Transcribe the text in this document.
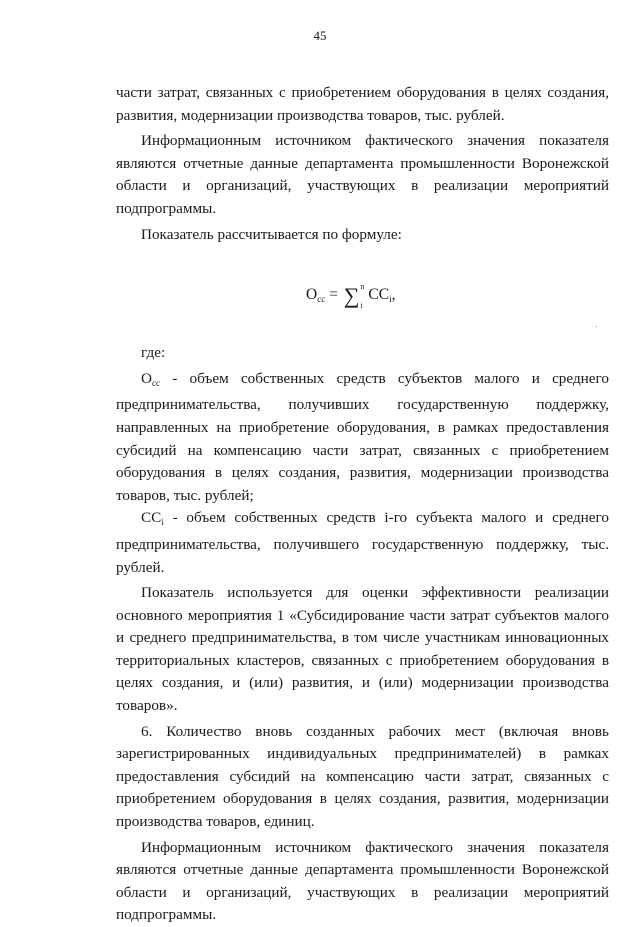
45

части затрат, связанных с приобретением оборудования в целях создания, развития, модернизации производства товаров, тыс. рублей.

Информационным источником фактического значения показателя являются отчетные данные департамента промышленности Воронежской области и организаций, участвующих в реализации мероприятий подпрограммы.

Показатель рассчитывается по формуле:

$О_{сс}$ = ∑ n
i
$СС_i$,

где:

$О_{сс}$ - объем собственных средств субъектов малого и среднего предпринимательства, получивших государственную поддержку, направленных на приобретение оборудования, в рамках предоставления субсидий на компенсацию части затрат, связанных с приобретением оборудования в целях создания, развития, модернизации производства товаров, тыс. рублей;

$СС_i$ - объем собственных средств i-го субъекта малого и среднего предпринимательства, получившего государственную поддержку, тыс. рублей.

Показатель используется для оценки эффективности реализации основного мероприятия 1 «Субсидирование части затрат субъектов малого и среднего предпринимательства, в том числе участникам инновационных территориальных кластеров, связанных с приобретением оборудования в целях создания, и (или) развития, и (или) модернизации производства товаров».

6. Количество вновь созданных рабочих мест (включая вновь зарегистрированных индивидуальных предпринимателей) в рамках предоставления субсидий на компенсацию части затрат, связанных с приобретением оборудования в целях создания, развития, модернизации производства товаров, единиц.

Информационным источником фактического значения показателя являются отчетные данные департамента промышленности Воронежской области и организаций, участвующих в реализации мероприятий подпрограммы.
